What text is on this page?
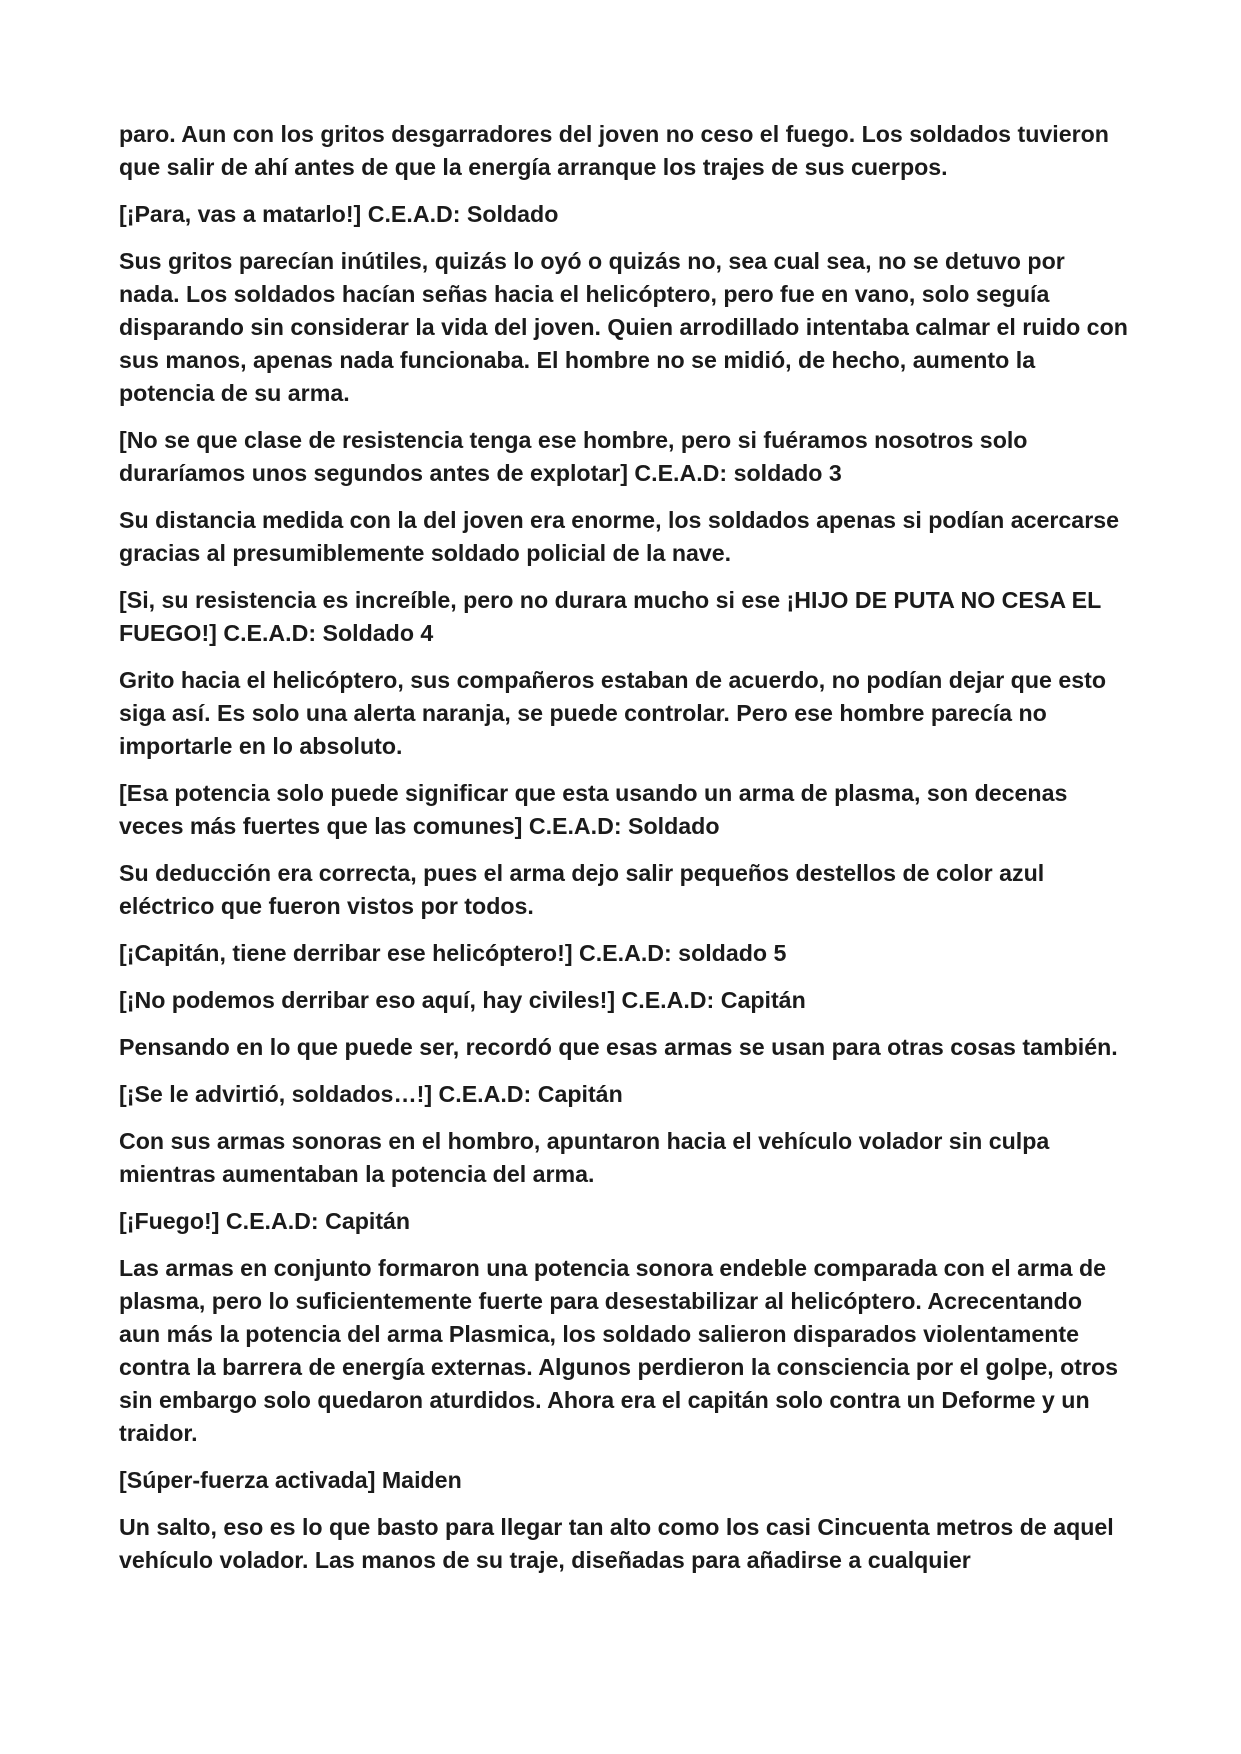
paro. Aun con los gritos desgarradores del joven no ceso el fuego. Los soldados tuvieron que salir de ahí antes de que la energía arranque los trajes de sus cuerpos.

[¡Para, vas a matarlo!] C.E.A.D: Soldado

Sus gritos parecían inútiles, quizás lo oyó o quizás no, sea cual sea, no se detuvo por nada. Los soldados hacían señas hacia el helicóptero, pero fue en vano, solo seguía disparando sin considerar la vida del joven. Quien arrodillado intentaba calmar el ruido con sus manos, apenas nada funcionaba. El hombre no se midió, de hecho, aumento la potencia de su arma.

[No se que clase de resistencia tenga ese hombre, pero si fuéramos nosotros solo duraríamos unos segundos antes de explotar] C.E.A.D: soldado 3

Su distancia medida con la del joven era enorme, los soldados apenas si podían acercarse gracias al presumiblemente soldado policial de la nave.

[Si, su resistencia es increíble, pero no durara mucho si ese ¡HIJO DE PUTA NO CESA EL FUEGO!] C.E.A.D: Soldado 4

Grito hacia el helicóptero, sus compañeros estaban de acuerdo, no podían dejar que esto siga así. Es solo una alerta naranja, se puede controlar. Pero ese hombre parecía no importarle en lo absoluto.

[Esa potencia solo puede significar que esta usando un arma de plasma, son decenas veces más fuertes que las comunes] C.E.A.D: Soldado

Su deducción era correcta, pues el arma dejo salir pequeños destellos de color azul eléctrico que fueron vistos por todos.

[¡Capitán, tiene derribar ese helicóptero!] C.E.A.D: soldado 5

[¡No podemos derribar eso aquí, hay civiles!] C.E.A.D: Capitán

Pensando en lo que puede ser, recordó que esas armas se usan para otras cosas también.

[¡Se le advirtió, soldados…!] C.E.A.D: Capitán

Con sus armas sonoras en el hombro, apuntaron hacia el vehículo volador sin culpa mientras aumentaban la potencia del arma.

[¡Fuego!] C.E.A.D: Capitán

Las armas en conjunto formaron una potencia sonora endeble comparada con el arma de plasma, pero lo suficientemente fuerte para desestabilizar al helicóptero. Acrecentando aun más la potencia del arma Plasmica, los soldado salieron disparados violentamente contra la barrera de energía externas. Algunos perdieron la consciencia por el golpe, otros sin embargo solo quedaron aturdidos. Ahora era el capitán solo contra un Deforme y un traidor.

[Súper-fuerza activada] Maiden

Un salto, eso es lo que basto para llegar tan alto como los casi Cincuenta metros de aquel vehículo volador. Las manos de su traje, diseñadas para añadirse a cualquier
